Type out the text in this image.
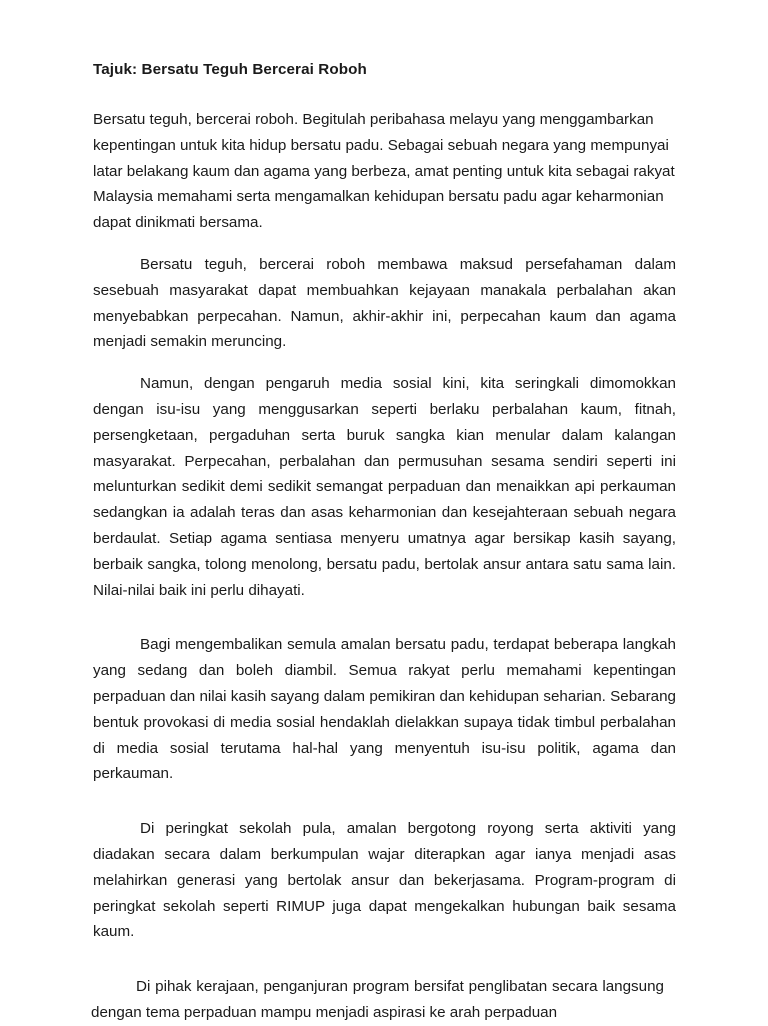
Tajuk: Bersatu Teguh Bercerai Roboh

Bersatu teguh, bercerai roboh. Begitulah peribahasa melayu yang menggambarkan kepentingan untuk kita hidup bersatu padu. Sebagai sebuah negara yang mempunyai latar belakang kaum dan agama yang berbeza, amat penting untuk kita sebagai rakyat Malaysia memahami serta mengamalkan kehidupan bersatu padu agar keharmonian dapat dinikmati bersama.

Bersatu teguh, bercerai roboh membawa maksud persefahaman dalam sesebuah masyarakat dapat membuahkan kejayaan manakala perbalahan akan menyebabkan perpecahan. Namun, akhir-akhir ini, perpecahan kaum dan agama menjadi semakin meruncing.

Namun, dengan pengaruh media sosial kini, kita seringkali dimomokkan dengan isu-isu yang menggusarkan seperti berlaku perbalahan kaum, fitnah, persengketaan, pergaduhan serta buruk sangka kian menular dalam kalangan masyarakat. Perpecahan, perbalahan dan permusuhan sesama sendiri seperti ini melunturkan sedikit demi sedikit semangat perpaduan dan menaikkan api perkauman sedangkan ia adalah teras dan asas keharmonian dan kesejahteraan sebuah negara berdaulat. Setiap agama sentiasa menyeru umatnya agar bersikap kasih sayang, berbaik sangka, tolong menolong, bersatu padu, bertolak ansur antara satu sama lain. Nilai-nilai baik ini perlu dihayati.

Bagi mengembalikan semula amalan bersatu padu, terdapat beberapa langkah yang sedang dan boleh diambil. Semua rakyat perlu memahami kepentingan perpaduan dan nilai kasih sayang dalam pemikiran dan kehidupan seharian. Sebarang bentuk provokasi di media sosial hendaklah dielakkan supaya tidak timbul perbalahan di media sosial terutama hal-hal yang menyentuh isu-isu politik, agama dan perkauman.

Di peringkat sekolah pula, amalan bergotong royong serta aktiviti yang diadakan secara dalam berkumpulan wajar diterapkan agar ianya menjadi asas melahirkan generasi yang bertolak ansur dan bekerjasama. Program-program di peringkat sekolah seperti RIMUP juga dapat mengekalkan hubungan baik sesama kaum.

Di pihak kerajaan, penganjuran program bersifat penglibatan secara langsung dengan tema perpaduan mampu menjadi aspirasi ke arah perpaduan
